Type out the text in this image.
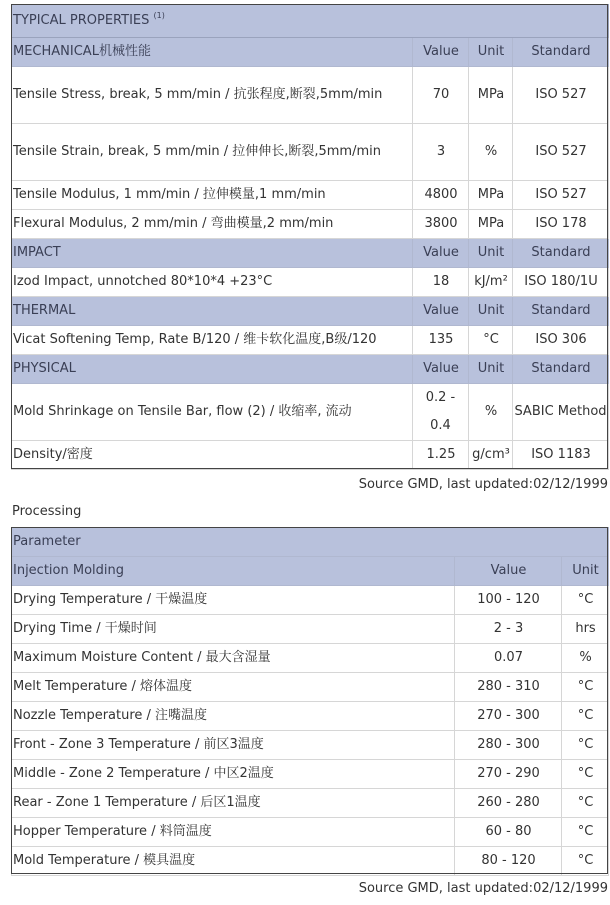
TYPICAL PROPERTIES $^{(1)}$
MECHANICAL机械性能	Value	Unit	Standard
Tensile Stress, break, 5 mm/min / 抗张程度,断裂,5mm/min	70	MPa	ISO 527
Tensile Strain, break, 5 mm/min / 拉伸伸长,断裂,5mm/min	3	%	ISO 527
Tensile Modulus, 1 mm/min / 拉伸模量,1 mm/min	4800	MPa	ISO 527
Flexural Modulus, 2 mm/min / 弯曲模量,2 mm/min	3800	MPa	ISO 178
IMPACT	Value	Unit	Standard
Izod Impact, unnotched 80*10*4 +23°C	18	kJ/m²	ISO 180/1U
THERMAL	Value	Unit	Standard
Vicat Softening Temp, Rate B/120 / 维卡软化温度,B级/120	135	°C	ISO 306
PHYSICAL	Value	Unit	Standard
Mold Shrinkage on Tensile Bar, flow (2) / 收缩率, 流动	0.2 - 0.4	%	SABIC Method
Density/密度	1.25	g/cm³	ISO 1183
Source GMD, last updated:02/12/1999
Processing
Parameter		
Injection Molding	Value	Unit
Drying Temperature / 干燥温度	100 - 120	°C
Drying Time / 干燥时间	2 - 3	hrs
Maximum Moisture Content / 最大含湿量	0.07	%
Melt Temperature / 熔体温度	280 - 310	°C
Nozzle Temperature / 注嘴温度	270 - 300	°C
Front - Zone 3 Temperature / 前区3温度	280 - 300	°C
Middle - Zone 2 Temperature / 中区2温度	270 - 290	°C
Rear - Zone 1 Temperature / 后区1温度	260 - 280	°C
Hopper Temperature / 料筒温度	60 - 80	°C
Mold Temperature / 模具温度	80 - 120	°C
Source GMD, last updated:02/12/1999
